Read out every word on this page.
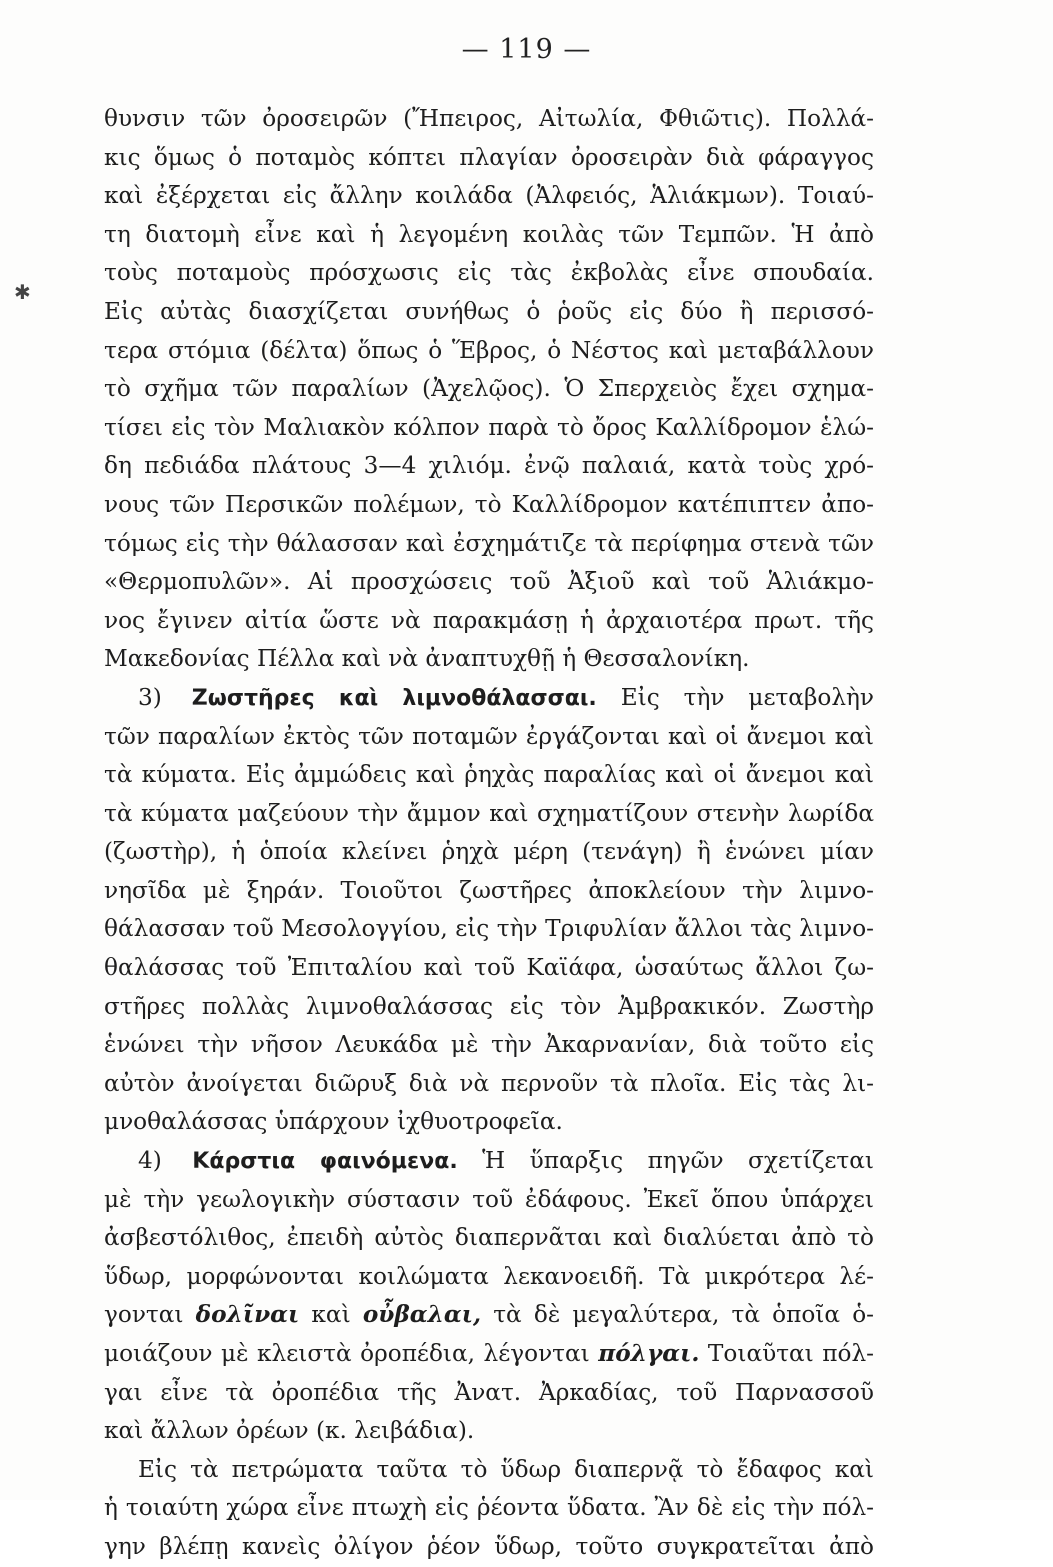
— 119 —
✱
θυνσιν τῶν ὀροσειρῶν (Ἤπειρος, Αἰτωλία, Φθιῶτις). Πολλά-
κις ὅμως ὁ ποταμὸς κόπτει πλαγίαν ὀροσειρὰν διὰ φάραγγος
καὶ ἐξέρχεται εἰς ἄλλην κοιλάδα (Ἀλφειός, Ἁλιάκμων). Τοιαύ-
τη διατομὴ εἶνε καὶ ἡ λεγομένη κοιλὰς τῶν Τεμπῶν. Ἡ ἀπὸ
τοὺς ποταμοὺς πρόσχωσις εἰς τὰς ἐκβολὰς εἶνε σπουδαία.
Εἰς αὐτὰς διασχίζεται συνήθως ὁ ῥοῦς εἰς δύο ἢ περισσό-
τερα στόμια (δέλτα) ὅπως ὁ Ἕβρος, ὁ Νέστος καὶ μεταβάλλουν
τὸ σχῆμα τῶν παραλίων (Ἀχελῷος). Ὁ Σπερχειὸς ἔχει σχημα-
τίσει εἰς τὸν Μαλιακὸν κόλπον παρὰ τὸ ὄρος Καλλίδρομον ἑλώ-
δη πεδιάδα πλάτους 3—4 χιλιόμ. ἐνῷ παλαιά, κατὰ τοὺς χρό-
νους τῶν Περσικῶν πολέμων, τὸ Καλλίδρομον κατέπιπτεν ἀπο-
τόμως εἰς τὴν θάλασσαν καὶ ἐσχημάτιζε τὰ περίφημα στενὰ τῶν
«Θερμοπυλῶν». Αἱ προσχώσεις τοῦ Ἀξιοῦ καὶ τοῦ Ἁλιάκμο-
νος ἔγινεν αἰτία ὥστε νὰ παρακμάσῃ ἡ ἀρχαιοτέρα πρωτ. τῆς
Μακεδονίας Πέλλα καὶ νὰ ἀναπτυχθῇ ἡ Θεσσαλονίκη.
3) Ζωστῆρες καὶ λιμνοθάλασσαι. Εἰς τὴν μεταβολὴν
τῶν παραλίων ἐκτὸς τῶν ποταμῶν ἐργάζονται καὶ οἱ ἄνεμοι καὶ
τὰ κύματα. Εἰς ἀμμώδεις καὶ ῥηχὰς παραλίας καὶ οἱ ἄνεμοι καὶ
τὰ κύματα μαζεύουν τὴν ἄμμον καὶ σχηματίζουν στενὴν λωρίδα
(ζωστὴρ), ἡ ὁποία κλείνει ῥηχὰ μέρη (τενάγη) ἢ ἑνώνει μίαν
νησῖδα μὲ ξηράν. Τοιοῦτοι ζωστῆρες ἀποκλείουν τὴν λιμνο-
θάλασσαν τοῦ Μεσολογγίου, εἰς τὴν Τριφυλίαν ἄλλοι τὰς λιμνο-
θαλάσσας τοῦ Ἐπιταλίου καὶ τοῦ Καϊάφα, ὡσαύτως ἄλλοι ζω-
στῆρες πολλὰς λιμνοθαλάσσας εἰς τὸν Ἀμβρακικόν. Ζωστὴρ
ἑνώνει τὴν νῆσον Λευκάδα μὲ τὴν Ἀκαρνανίαν, διὰ τοῦτο εἰς
αὐτὸν ἀνοίγεται διῶρυξ διὰ νὰ περνοῦν τὰ πλοῖα. Εἰς τὰς λι-
μνοθαλάσσας ὑπάρχουν ἰχθυοτροφεῖα.
4) Κάρστια φαινόμενα. Ἡ ὕπαρξις πηγῶν σχετίζεται
μὲ τὴν γεωλογικὴν σύστασιν τοῦ ἐδάφους. Ἐκεῖ ὅπου ὑπάρχει
ἀσβεστόλιθος, ἐπειδὴ αὐτὸς διαπερνᾶται καὶ διαλύεται ἀπὸ τὸ
ὕδωρ, μορφώνονται κοιλώματα λεκανοειδῆ. Τὰ μικρότερα λέ-
γονται δολῖναι καὶ οὖβαλαι, τὰ δὲ μεγαλύτερα, τὰ ὁποῖα ὁ-
μοιάζουν μὲ κλειστὰ ὀροπέδια, λέγονται πόλγαι. Τοιαῦται πόλ-
γαι εἶνε τὰ ὀροπέδια τῆς Ἀνατ. Ἀρκαδίας, τοῦ Παρνασσοῦ
καὶ ἄλλων ὀρέων (κ. λειβάδια).
Εἰς τὰ πετρώματα ταῦτα τὸ ὕδωρ διαπερνᾷ τὸ ἔδαφος καὶ
ἡ τοιαύτη χώρα εἶνε πτωχὴ εἰς ῥέοντα ὕδατα. Ἂν δὲ εἰς τὴν πόλ-
γην βλέπῃ κανεὶς ὀλίγον ῥέον ὕδωρ, τοῦτο συγκρατεῖται ἀπὸ
